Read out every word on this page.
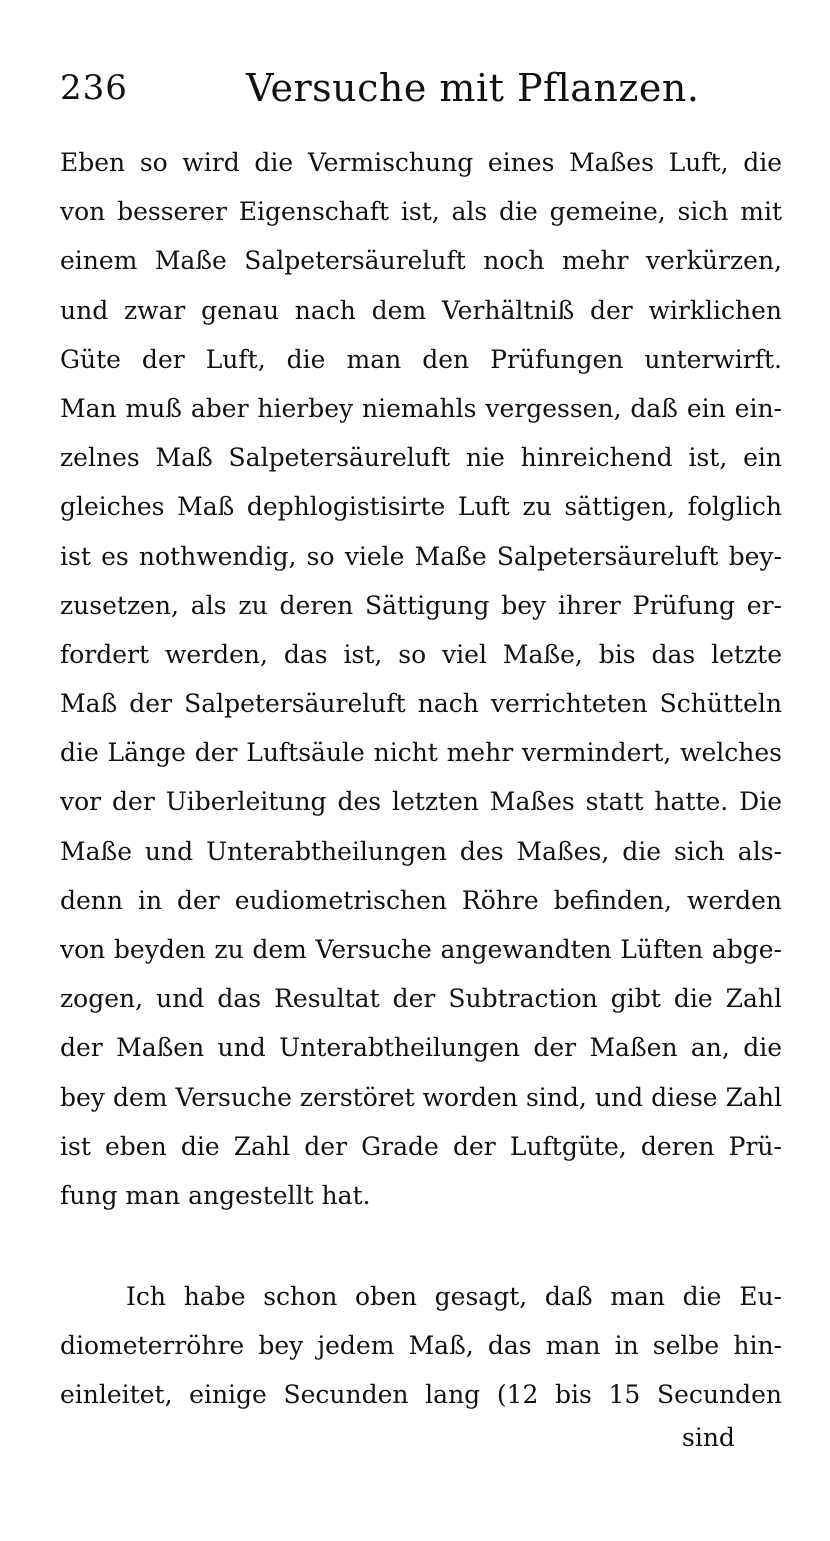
236	Versuche mit Pflanzen.
Eben so wird die Vermischung eines Maßes Luft, die
von besserer Eigenschaft ist, als die gemeine, sich mit
einem Maße Salpetersäureluft noch mehr verkürzen,
und zwar genau nach dem Verhältniß der wirklichen
Güte der Luft, die man den Prüfungen unterwirft.
Man muß aber hierbey niemahls vergessen, daß ein ein-
zelnes Maß Salpetersäureluft nie hinreichend ist, ein
gleiches Maß dephlogistisirte Luft zu sättigen, folglich
ist es nothwendig, so viele Maße Salpetersäureluft bey-
zusetzen, als zu deren Sättigung bey ihrer Prüfung er-
fordert werden, das ist, so viel Maße, bis das letzte
Maß der Salpetersäureluft nach verrichteten Schütteln
die Länge der Luftsäule nicht mehr vermindert, welches
vor der Uiberleitung des letzten Maßes statt hatte. Die
Maße und Unterabtheilungen des Maßes, die sich als-
denn in der eudiometrischen Röhre befinden, werden
von beyden zu dem Versuche angewandten Lüften abge-
zogen, und das Resultat der Subtraction gibt die Zahl
der Maßen und Unterabtheilungen der Maßen an, die
bey dem Versuche zerstöret worden sind, und diese Zahl
ist eben die Zahl der Grade der Luftgüte, deren Prü-
fung man angestellt hat.
Ich habe schon oben gesagt, daß man die Eu-
diometerröhre bey jedem Maß, das man in selbe hin-
einleitet, einige Secunden lang (12 bis 15 Secunden
sind
